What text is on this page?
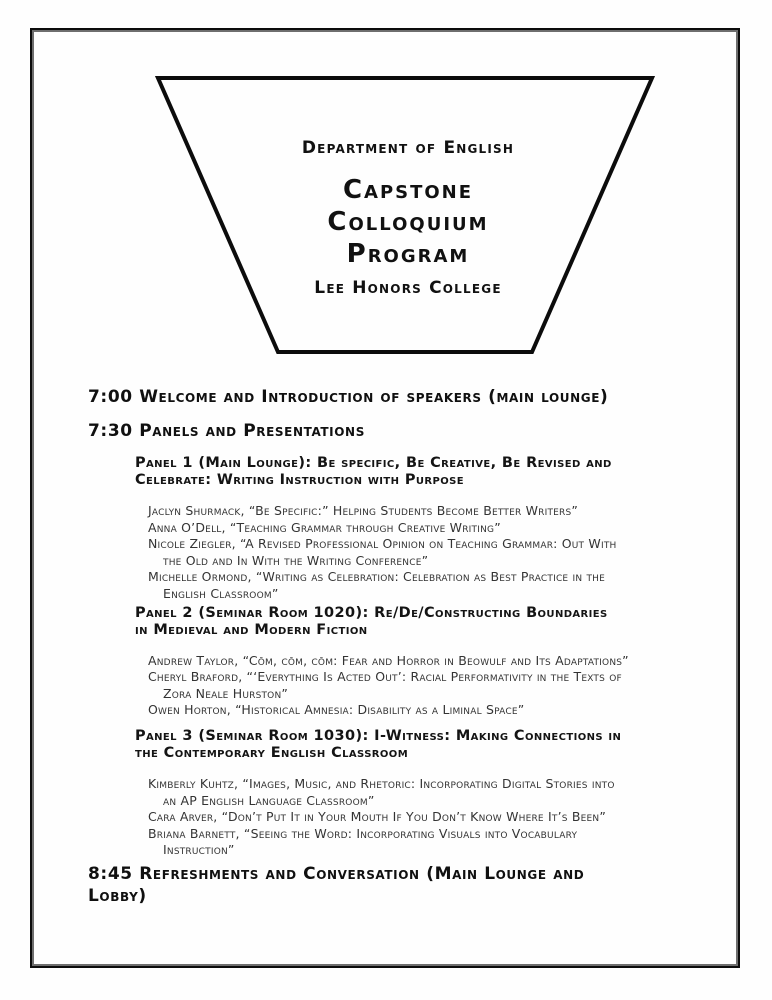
Department of English
Capstone Colloquium Program
Lee Honors College
7:00 Welcome and Introduction of speakers (main lounge)
7:30 Panels and Presentations
Panel 1 (Main Lounge): Be specific, Be Creative, Be Revised and
Celebrate: Writing Instruction with Purpose
Jaclyn Shurmack, “Be Specific:” Helping Students Become Better Writers”
Anna O’Dell, “Teaching Grammar through Creative Writing”
Nicole Ziegler, “A Revised Professional Opinion on Teaching Grammar: Out With
the Old and In With the Writing Conference”
Michelle Ormond, “Writing as Celebration: Celebration as Best Practice in the
English Classroom”
Panel 2 (Seminar Room 1020): Re/De/Constructing Boundaries
in Medieval and Modern Fiction
Andrew Taylor, “Cōm, cōm, cōm: Fear and Horror in Beowulf and Its Adaptations”
Cheryl Braford, “‘Everything Is Acted Out’: Racial Performativity in the Texts of
Zora Neale Hurston”
Owen Horton, “Historical Amnesia: Disability as a Liminal Space”
Panel 3 (Seminar Room 1030): I-Witness: Making Connections in
the Contemporary English Classroom
Kimberly Kuhtz, “Images, Music, and Rhetoric: Incorporating Digital Stories into
an AP English Language Classroom”
Cara Arver, “Don’t Put It in Your Mouth If You Don’t Know Where It’s Been”
Briana Barnett, “Seeing the Word: Incorporating Visuals into Vocabulary
Instruction”
8:45 Refreshments and Conversation (Main Lounge and
Lobby)
